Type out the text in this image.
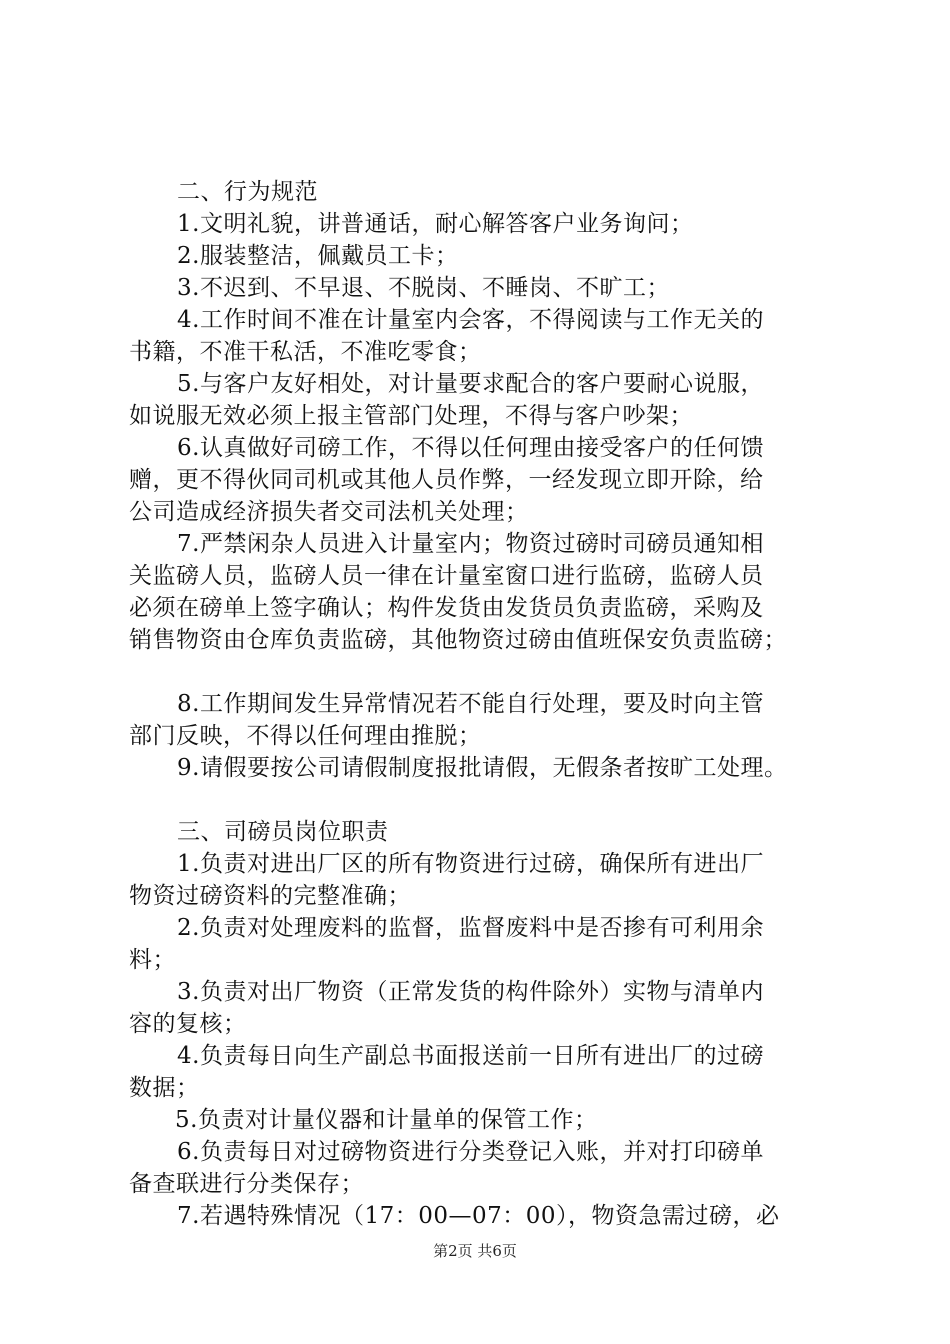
二、行为规范
1.文明礼貌，讲普通话，耐心解答客户业务询问；
2.服装整洁，佩戴员工卡；
3.不迟到、不早退、不脱岗、不睡岗、不旷工；
4.工作时间不准在计量室内会客，不得阅读与工作无关的
书籍，不准干私活，不准吃零食；
5.与客户友好相处，对计量要求配合的客户要耐心说服，
如说服无效必须上报主管部门处理，不得与客户吵架；
6.认真做好司磅工作，不得以任何理由接受客户的任何馈
赠，更不得伙同司机或其他人员作弊，一经发现立即开除，给
公司造成经济损失者交司法机关处理；
7.严禁闲杂人员进入计量室内；物资过磅时司磅员通知相
关监磅人员，监磅人员一律在计量室窗口进行监磅，监磅人员
必须在磅单上签字确认；构件发货由发货员负责监磅，采购及
销售物资由仓库负责监磅，其他物资过磅由值班保安负责监磅；
8.工作期间发生异常情况若不能自行处理，要及时向主管
部门反映，不得以任何理由推脱；
9.请假要按公司请假制度报批请假，无假条者按旷工处理。
三、司磅员岗位职责
1.负责对进出厂区的所有物资进行过磅，确保所有进出厂
物资过磅资料的完整准确；
2.负责对处理废料的监督，监督废料中是否掺有可利用余
料；
3.负责对出厂物资（正常发货的构件除外）实物与清单内
容的复核；
4.负责每日向生产副总书面报送前一日所有进出厂的过磅
数据；
5.负责对计量仪器和计量单的保管工作；
6.负责每日对过磅物资进行分类登记入账，并对打印磅单
备查联进行分类保存；
7.若遇特殊情况（17：00—07：00），物资急需过磅，必
第2页 共6页
